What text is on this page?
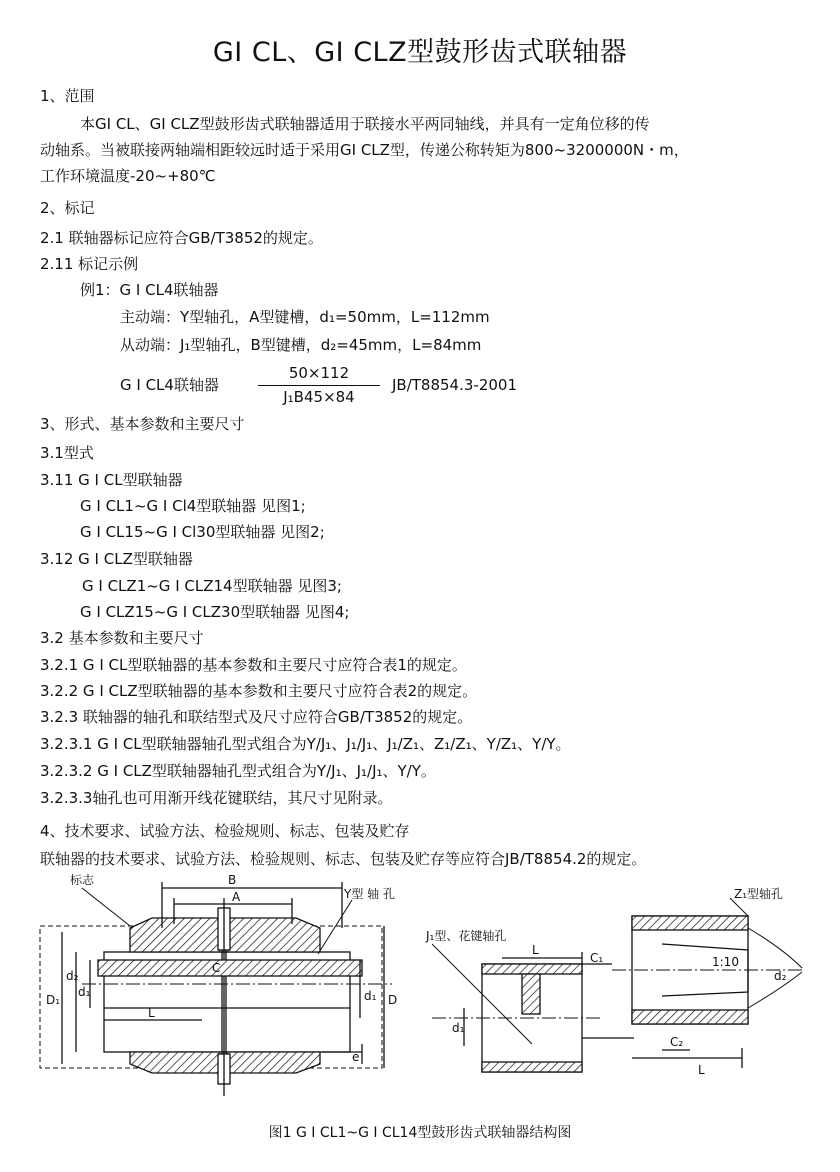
GI CL、GI CLZ型鼓形齿式联轴器
1、范围
本GI CL、GI CLZ型鼓形齿式联轴器适用于联接水平两同轴线，并具有一定角位移的传
动轴系。当被联接两轴端相距较远时适于采用GI CLZ型，传递公称转矩为800~3200000N・m，
工作环境温度-20~+80℃
2、标记
2.1 联轴器标记应符合GB/T3852的规定。
2.11 标记示例
例1：G I CL4联轴器
主动端：Y型轴孔，A型键槽，d₁=50mm，L=112mm
从动端：J₁型轴孔，B型键槽，d₂=45mm，L=84mm
G I CL4联轴器
50×112
J₁B45×84
JB/T8854.3-2001
3、形式、基本参数和主要尺寸
3.1型式
3.11 G I CL型联轴器
G I CL1~G I Cl4型联轴器 见图1;
G I CL15~G I Cl30型联轴器 见图2;
3.12 G I CLZ型联轴器
G I CLZ1~G I CLZ14型联轴器 见图3;
G I CLZ15~G I CLZ30型联轴器 见图4;
3.2 基本参数和主要尺寸
3.2.1 G I CL型联轴器的基本参数和主要尺寸应符合表1的规定。
3.2.2 G I CLZ型联轴器的基本参数和主要尺寸应符合表2的规定。
3.2.3 联轴器的轴孔和联结型式及尺寸应符合GB/T3852的规定。
3.2.3.1 G I CL型联轴器轴孔型式组合为Y/J₁、J₁/J₁、J₁/Z₁、Z₁/Z₁、Y/Z₁、Y/Y。
3.2.3.2 G I CLZ型联轴器轴孔型式组合为Y/J₁、J₁/J₁、Y/Y。
3.2.3.3轴孔也可用渐开线花键联结，其尺寸见附录。
4、技术要求、试验方法、检验规则、标志、包装及贮存
联轴器的技术要求、试验方法、检验规则、标志、包装及贮存等应符合JB/T8854.2的规定。
标志	B
A	Y型 轴 孔
C
L
e
D₁
d₂
d₁	d₁ D
J₁型、花键轴孔
L
C₁
d₁
Z₁型轴孔
1:10
C₂
L
d₂
图1 G I CL1~G I CL14型鼓形齿式联轴器结构图
